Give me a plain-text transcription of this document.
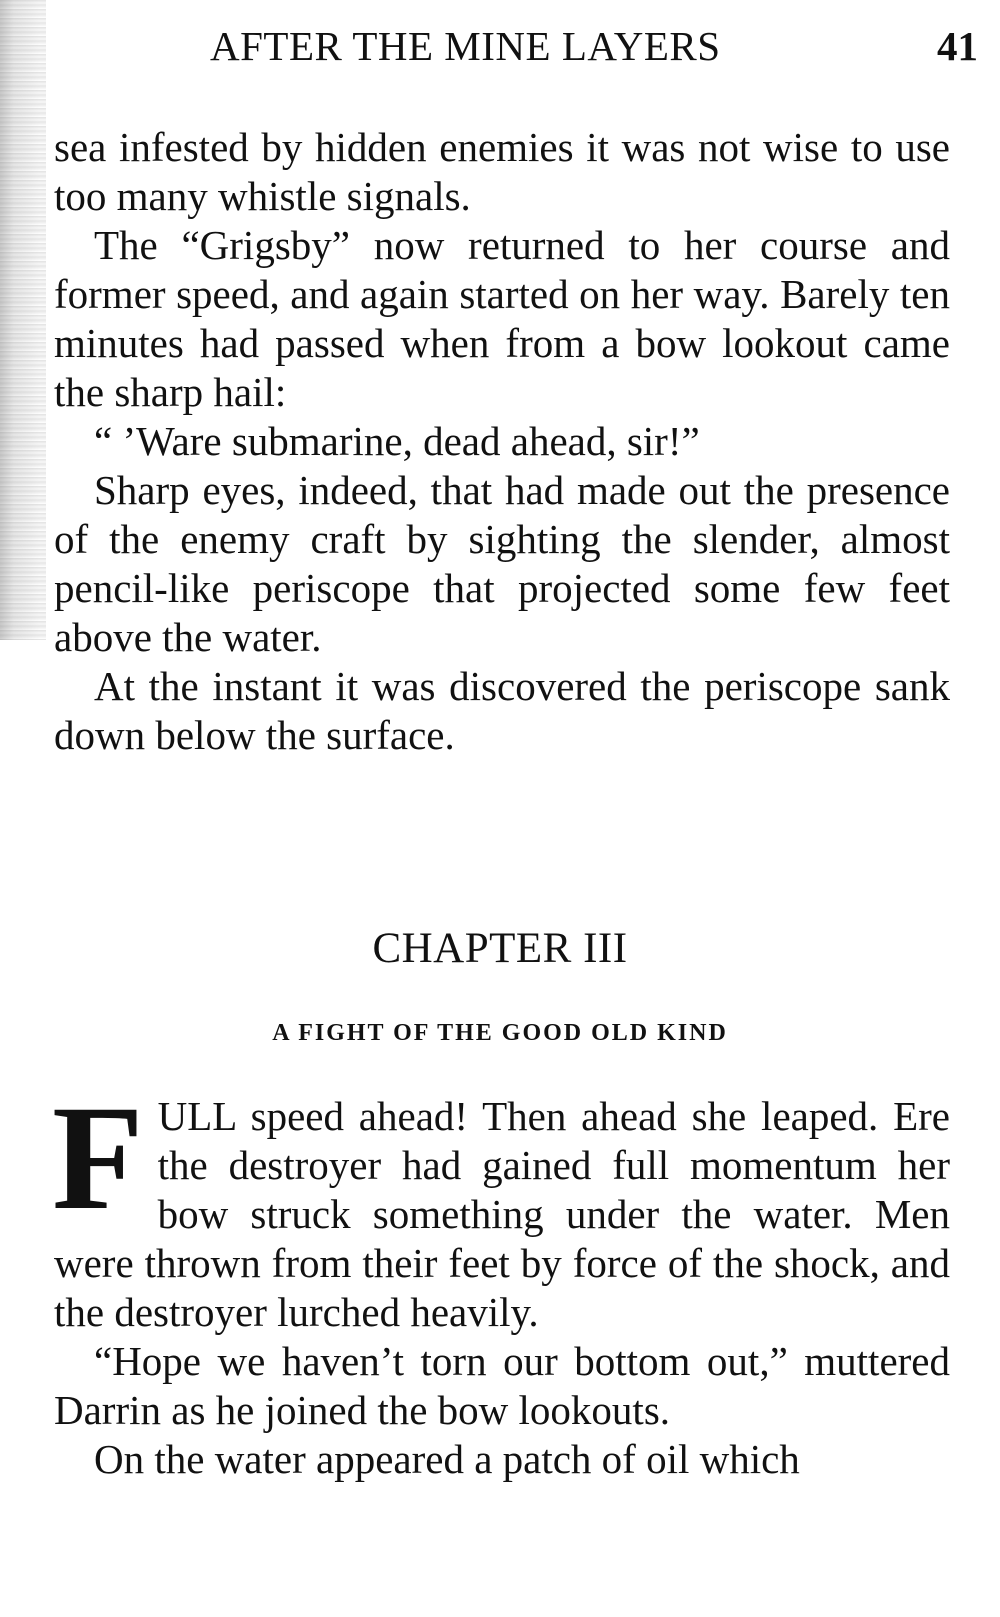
AFTER THE MINE LAYERS	41

sea infested by hidden enemies it was not wise to use too many whistle signals.

The “Grigsby” now returned to her course and former speed, and again started on her way. Barely ten minutes had passed when from a bow lookout came the sharp hail:

“ ’Ware submarine, dead ahead, sir!”

Sharp eyes, indeed, that had made out the presence of the enemy craft by sighting the slender, almost pencil-like periscope that projected some few feet above the water.

At the instant it was discovered the periscope sank down below the surface.

CHAPTER III
A FIGHT OF THE GOOD OLD KIND

FULL speed ahead! Then ahead she leaped. Ere the destroyer had gained full momentum her bow struck something under the water. Men were thrown from their feet by force of the shock, and the destroyer lurched heavily.

“Hope we haven’t torn our bottom out,” muttered Darrin as he joined the bow lookouts.

On the water appeared a patch of oil which
